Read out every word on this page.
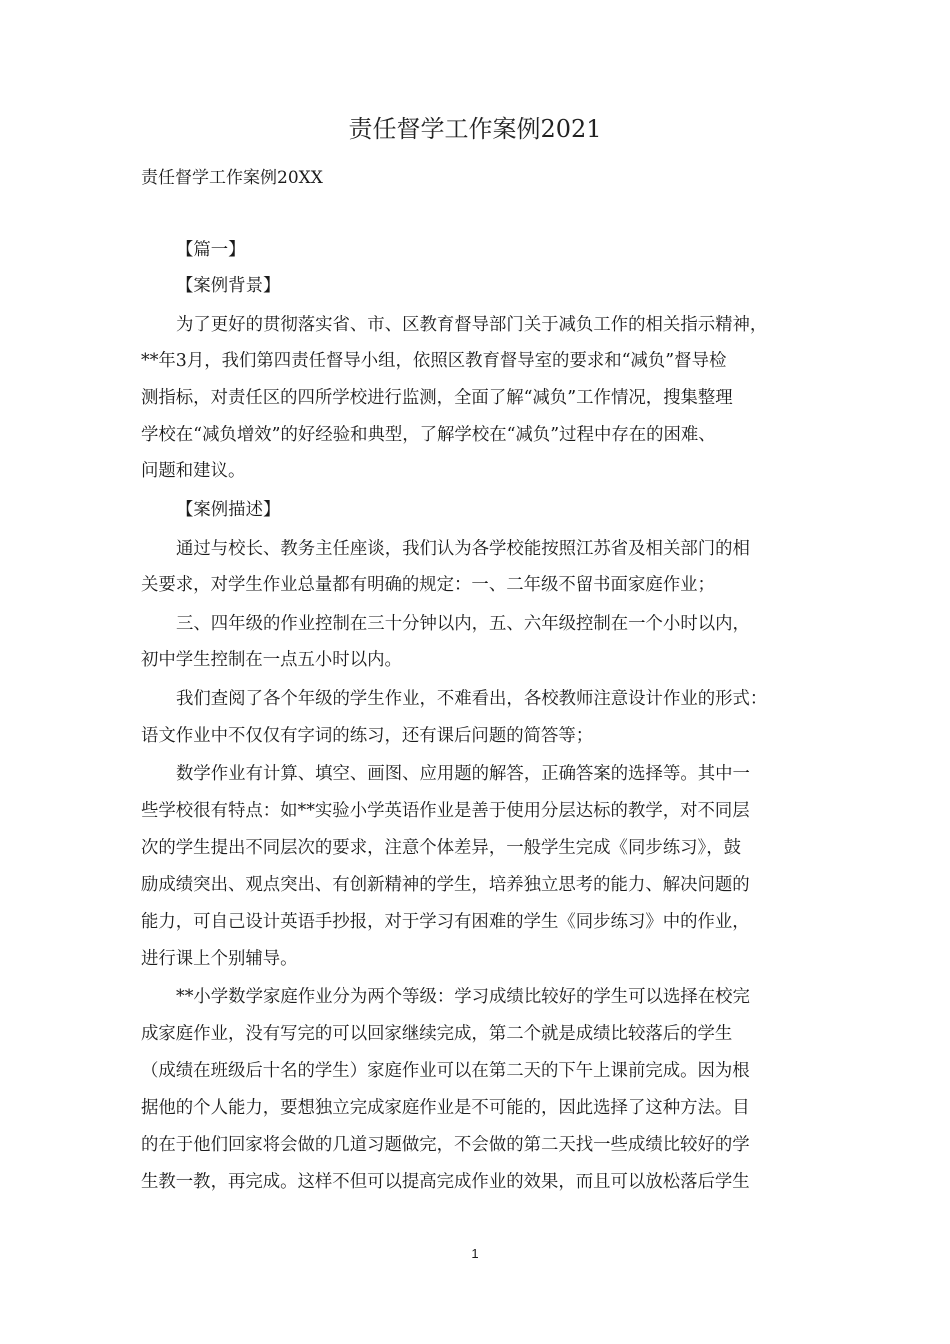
责任督学工作案例2021
责任督学工作案例20XX
【篇一】
【案例背景】
为了更好的贯彻落实省、市、区教育督导部门关于减负工作的相关指示精神，
**年3月，我们第四责任督导小组，依照区教育督导室的要求和“减负”督导检
测指标，对责任区的四所学校进行监测，全面了解“减负”工作情况，搜集整理
学校在“减负增效”的好经验和典型，了解学校在“减负”过程中存在的困难、
问题和建议。
【案例描述】
通过与校长、教务主任座谈，我们认为各学校能按照江苏省及相关部门的相
关要求，对学生作业总量都有明确的规定：一、二年级不留书面家庭作业；
三、四年级的作业控制在三十分钟以内，五、六年级控制在一个小时以内，
初中学生控制在一点五小时以内。
我们查阅了各个年级的学生作业，不难看出，各校教师注意设计作业的形式：
语文作业中不仅仅有字词的练习，还有课后问题的简答等；
数学作业有计算、填空、画图、应用题的解答，正确答案的选择等。其中一
些学校很有特点：如**实验小学英语作业是善于使用分层达标的教学，对不同层
次的学生提出不同层次的要求，注意个体差异，一般学生完成《同步练习》，鼓
励成绩突出、观点突出、有创新精神的学生，培养独立思考的能力、解决问题的
能力，可自己设计英语手抄报，对于学习有困难的学生《同步练习》中的作业，
进行课上个别辅导。
**小学数学家庭作业分为两个等级：学习成绩比较好的学生可以选择在校完
成家庭作业，没有写完的可以回家继续完成，第二个就是成绩比较落后的学生
（成绩在班级后十名的学生）家庭作业可以在第二天的下午上课前完成。因为根
据他的个人能力，要想独立完成家庭作业是不可能的，因此选择了这种方法。目
的在于他们回家将会做的几道习题做完，不会做的第二天找一些成绩比较好的学
生教一教，再完成。这样不但可以提高完成作业的效果，而且可以放松落后学生
1
